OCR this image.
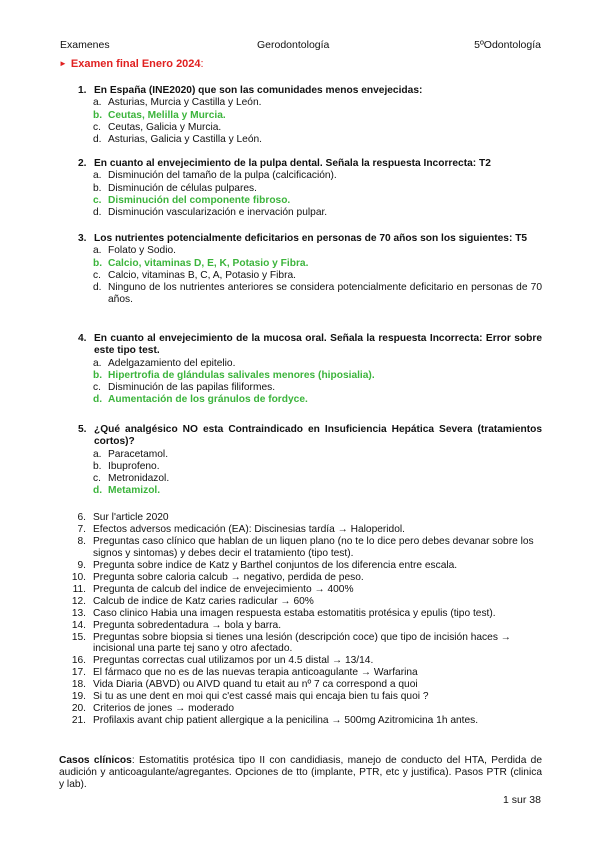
Examenes	Gerodontología	5ºOdontología
► Examen final Enero 2024:
1. En España (INE2020) que son las comunidades menos envejecidas:
a. Asturias, Murcia y Castilla y León.
b. Ceutas, Melilla y Murcia.
c. Ceutas, Galicia y Murcia.
d. Asturias, Galicia y Castilla y León.
2. En cuanto al envejecimiento de la pulpa dental. Señala la respuesta Incorrecta: T2
a. Disminución del tamaño de la pulpa (calcificación).
b. Disminución de células pulpares.
c. Disminución del componente fibroso.
d. Disminución vascularización e inervación pulpar.
3. Los nutrientes potencialmente deficitarios en personas de 70 años son los siguientes: T5
a. Folato y Sodio.
b. Calcio, vitaminas D, E, K, Potasio y Fibra.
c. Calcio, vitaminas B, C, A, Potasio y Fibra.
d. Ninguno de los nutrientes anteriores se considera potencialmente deficitario en personas de 70 años.
4. En cuanto al envejecimiento de la mucosa oral. Señala la respuesta Incorrecta: Error sobre este tipo test.
a. Adelgazamiento del epitelio.
b. Hipertrofia de glándulas salivales menores (hiposialia).
c. Disminución de las papilas filiformes.
d. Aumentación de los gránulos de fordyce.
5. ¿Qué analgésico NO esta Contraindicado en Insuficiencia Hepática Severa (tratamientos cortos)?
a. Paracetamol.
b. Ibuprofeno.
c. Metronidazol.
d. Metamizol.
6. Sur l'article 2020
7. Efectos adversos medicación (EA): Discinesias tardía → Haloperidol.
8. Preguntas caso clínico que hablan de un liquen plano (no te lo dice pero debes devanar sobre los signos y sintomas) y debes decir el tratamiento (tipo test).
9. Pregunta sobre indice de Katz y Barthel conjuntos de los diferencia entre escala.
10. Pregunta sobre caloria calcub → negativo, perdida de peso.
11. Pregunta de calcub del indice de envejecimiento → 400%
12. Calcub de indice de Katz caries radicular → 60%
13. Caso clinico Habia una imagen respuesta estaba estomatitis protésica y epulis (tipo test).
14. Pregunta sobredentadura → bola y barra.
15. Preguntas sobre biopsia si tienes una lesión (descripción coce) que tipo de incisión haces → incisional una parte tej sano y otro afectado.
16. Preguntas correctas cual utilizamos por un 4.5 distal → 13/14.
17. El fármaco que no es de las nuevas terapia anticoagulante → Warfarina
18. Vida Diaria (ABVD) ou AIVD quand tu etait au nº 7 ca correspond a quoi
19. Si tu as une dent en moi qui c'est cassé mais qui encaja bien tu fais quoi ?
20. Criterios de jones → moderado
21. Profilaxis avant chip patient allergique a la penicilina → 500mg Azitromicina 1h antes.
Casos clínicos: Estomatitis protésica tipo II con candidiasis, manejo de conducto del HTA, Perdida de audición y anticoagulante/agregantes. Opciones de tto (implante, PTR, etc y justifica). Pasos PTR (clinica y lab).
1 sur 38
